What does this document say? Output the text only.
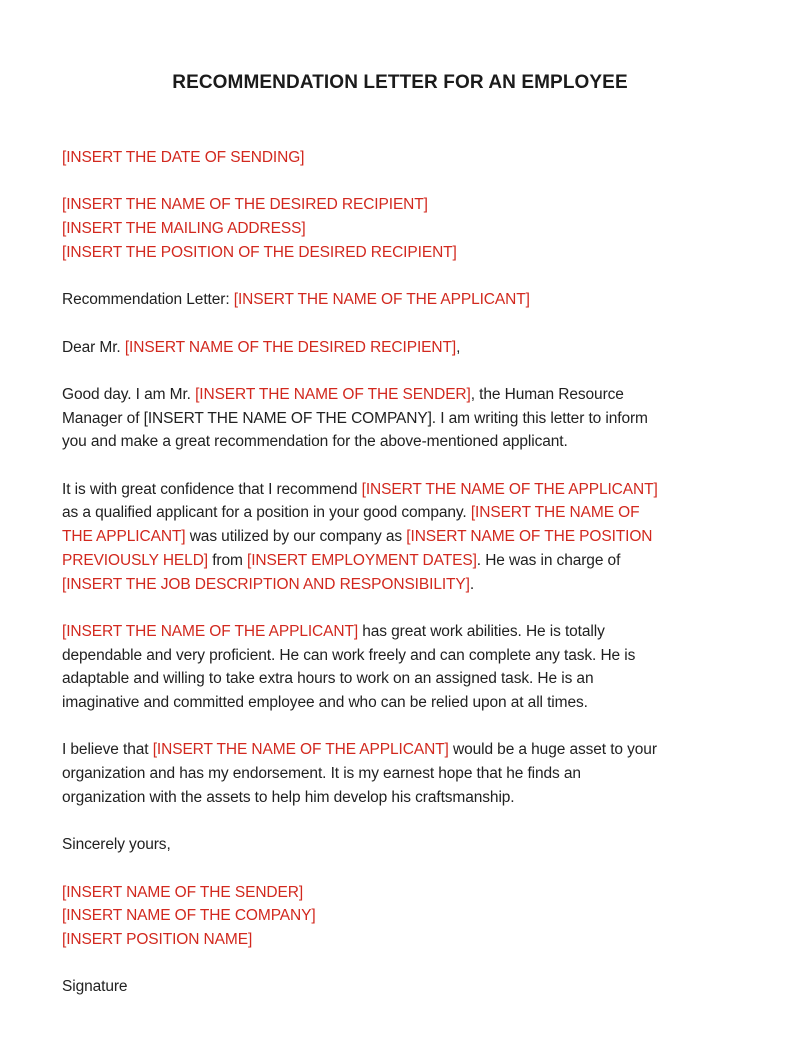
RECOMMENDATION LETTER FOR AN EMPLOYEE
[INSERT THE DATE OF SENDING]
[INSERT THE NAME OF THE DESIRED RECIPIENT]
[INSERT THE MAILING ADDRESS]
[INSERT THE POSITION OF THE DESIRED RECIPIENT]
Recommendation Letter: [INSERT THE NAME OF THE APPLICANT]
Dear Mr. [INSERT NAME OF THE DESIRED RECIPIENT],
Good day. I am Mr. [INSERT THE NAME OF THE SENDER], the Human Resource
Manager of [INSERT THE NAME OF THE COMPANY]. I am writing this letter to inform
you and make a great recommendation for the above-mentioned applicant.
It is with great confidence that I recommend [INSERT THE NAME OF THE APPLICANT]
as a qualified applicant for a position in your good company. [INSERT THE NAME OF
THE APPLICANT] was utilized by our company as [INSERT NAME OF THE POSITION
PREVIOUSLY HELD] from [INSERT EMPLOYMENT DATES]. He was in charge of
[INSERT THE JOB DESCRIPTION AND RESPONSIBILITY].
[INSERT THE NAME OF THE APPLICANT] has great work abilities. He is totally
dependable and very proficient. He can work freely and can complete any task. He is
adaptable and willing to take extra hours to work on an assigned task. He is an
imaginative and committed employee and who can be relied upon at all times.
I believe that [INSERT THE NAME OF THE APPLICANT] would be a huge asset to your
organization and has my endorsement. It is my earnest hope that he finds an
organization with the assets to help him develop his craftsmanship.
Sincerely yours,
[INSERT NAME OF THE SENDER]
[INSERT NAME OF THE COMPANY]
[INSERT POSITION NAME]
Signature
